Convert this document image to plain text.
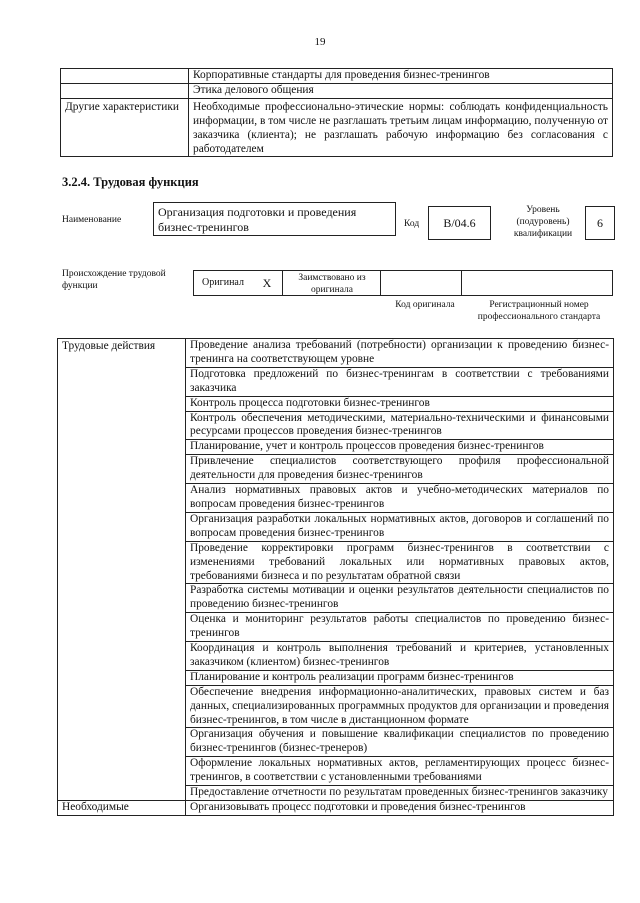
19
	Корпоративные стандарты для проведения бизнес-тренингов
	Этика делового общения
Другие характеристики	Необходимые профессионально-этические нормы: соблюдать конфиденциальность информации, в том числе не разглашать третьим лицам информацию, полученную от заказчика (клиента); не разглашать рабочую информацию без согласования с работодателем
3.2.4. Трудовая функция
Наименование
Организация подготовки и проведения бизнес-тренингов	Код	B/04.6
Уровень (подуровень) квалификации
6
Происхождение трудовой функции	Оригинал	X	Заимствовано из оригинала
Код оригинала	Регистрационный номер профессионального стандарта
Трудовые действия	Проведение анализа требований (потребности) организации к проведению бизнес-тренинга на соответствующем уровне
	Подготовка предложений по бизнес-тренингам в соответствии с требованиями заказчика
	Контроль процесса подготовки бизнес-тренингов
	Контроль обеспечения методическими, материально-техническими и финансовыми ресурсами процессов проведения бизнес-тренингов
	Планирование, учет и контроль процессов проведения бизнес-тренингов
	Привлечение специалистов соответствующего профиля профессиональной деятельности для проведения бизнес-тренингов
	Анализ нормативных правовых актов и учебно-методических материалов по вопросам проведения бизнес-тренингов
	Организация разработки локальных нормативных актов, договоров и соглашений по вопросам проведения бизнес-тренингов
	Проведение корректировки программ бизнес-тренингов в соответствии с изменениями требований локальных или нормативных правовых актов, требованиями бизнеса и по результатам обратной связи
	Разработка системы мотивации и оценки результатов деятельности специалистов по проведению бизнес-тренингов
	Оценка и мониторинг результатов работы специалистов по проведению бизнес-тренингов
	Координация и контроль выполнения требований и критериев, установленных заказчиком (клиентом) бизнес-тренингов
	Планирование и контроль реализации программ бизнес-тренингов
	Обеспечение внедрения информационно-аналитических, правовых систем и баз данных, специализированных программных продуктов для организации и проведения бизнес-тренингов, в том числе в дистанционном формате
	Организация обучения и повышение квалификации специалистов по проведению бизнес-тренингов (бизнес-тренеров)
	Оформление локальных нормативных актов, регламентирующих процесс бизнес-тренингов, в соответствии с установленными требованиями
	Предоставление отчетности по результатам проведенных бизнес-тренингов заказчику
Необходимые	Организовывать процесс подготовки и проведения бизнес-тренингов
